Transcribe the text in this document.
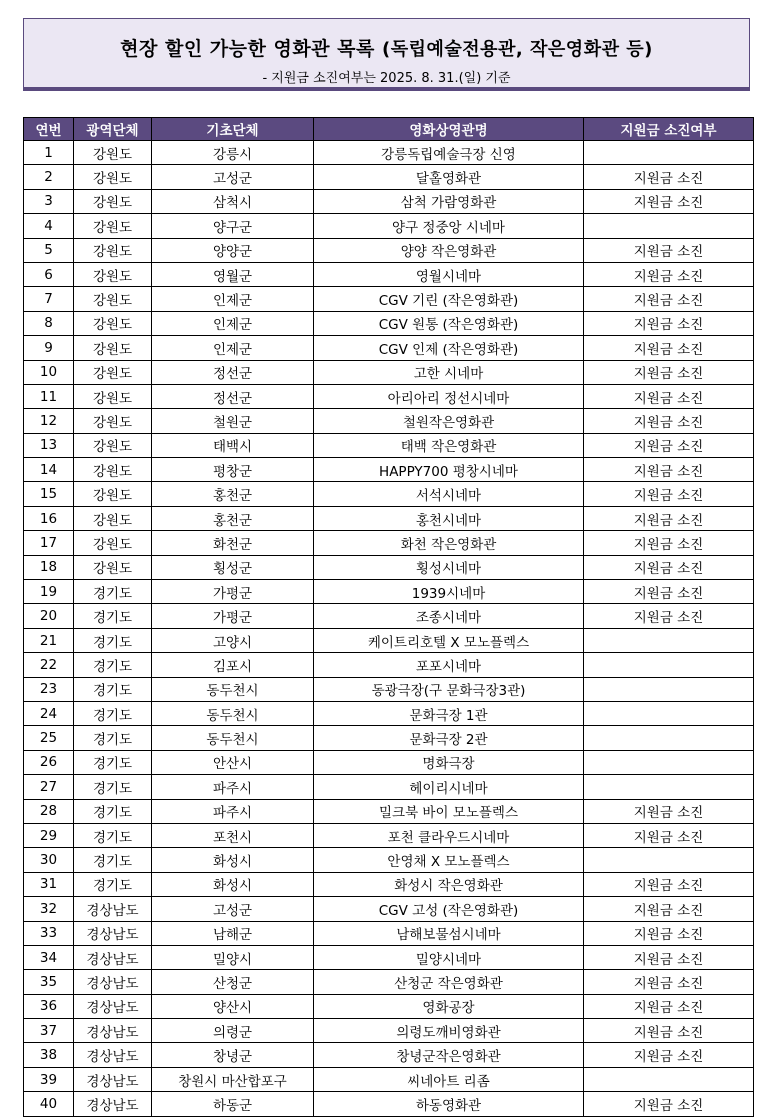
현장 할인 가능한 영화관 목록 (독립예술전용관, 작은영화관 등)
- 지원금 소진여부는 2025. 8. 31.(일) 기준
연번	광역단체	기초단체	영화상영관명	지원금 소진여부
1	강원도	강릉시	강릉독립예술극장 신영	
2	강원도	고성군	달홀영화관	지원금 소진
3	강원도	삼척시	삼척 가람영화관	지원금 소진
4	강원도	양구군	양구 정중앙 시네마	
5	강원도	양양군	양양 작은영화관	지원금 소진
6	강원도	영월군	영월시네마	지원금 소진
7	강원도	인제군	CGV 기린 (작은영화관)	지원금 소진
8	강원도	인제군	CGV 원통 (작은영화관)	지원금 소진
9	강원도	인제군	CGV 인제 (작은영화관)	지원금 소진
10	강원도	정선군	고한 시네마	지원금 소진
11	강원도	정선군	아리아리 정선시네마	지원금 소진
12	강원도	철원군	철원작은영화관	지원금 소진
13	강원도	태백시	태백 작은영화관	지원금 소진
14	강원도	평창군	HAPPY700 평창시네마	지원금 소진
15	강원도	홍천군	서석시네마	지원금 소진
16	강원도	홍천군	홍천시네마	지원금 소진
17	강원도	화천군	화천 작은영화관	지원금 소진
18	강원도	횡성군	횡성시네마	지원금 소진
19	경기도	가평군	1939시네마	지원금 소진
20	경기도	가평군	조종시네마	지원금 소진
21	경기도	고양시	케이트리호텔 X 모노플렉스	
22	경기도	김포시	포포시네마	
23	경기도	동두천시	동광극장(구 문화극장3관)	
24	경기도	동두천시	문화극장 1관	
25	경기도	동두천시	문화극장 2관	
26	경기도	안산시	명화극장	
27	경기도	파주시	헤이리시네마	
28	경기도	파주시	밀크북 바이 모노플렉스	지원금 소진
29	경기도	포천시	포천 클라우드시네마	지원금 소진
30	경기도	화성시	안영채 X 모노플렉스	
31	경기도	화성시	화성시 작은영화관	지원금 소진
32	경상남도	고성군	CGV 고성 (작은영화관)	지원금 소진
33	경상남도	남해군	남해보물섬시네마	지원금 소진
34	경상남도	밀양시	밀양시네마	지원금 소진
35	경상남도	산청군	산청군 작은영화관	지원금 소진
36	경상남도	양산시	영화공장	지원금 소진
37	경상남도	의령군	의령도깨비영화관	지원금 소진
38	경상남도	창녕군	창녕군작은영화관	지원금 소진
39	경상남도	창원시 마산합포구	씨네아트 리좀	
40	경상남도	하동군	하동영화관	지원금 소진
